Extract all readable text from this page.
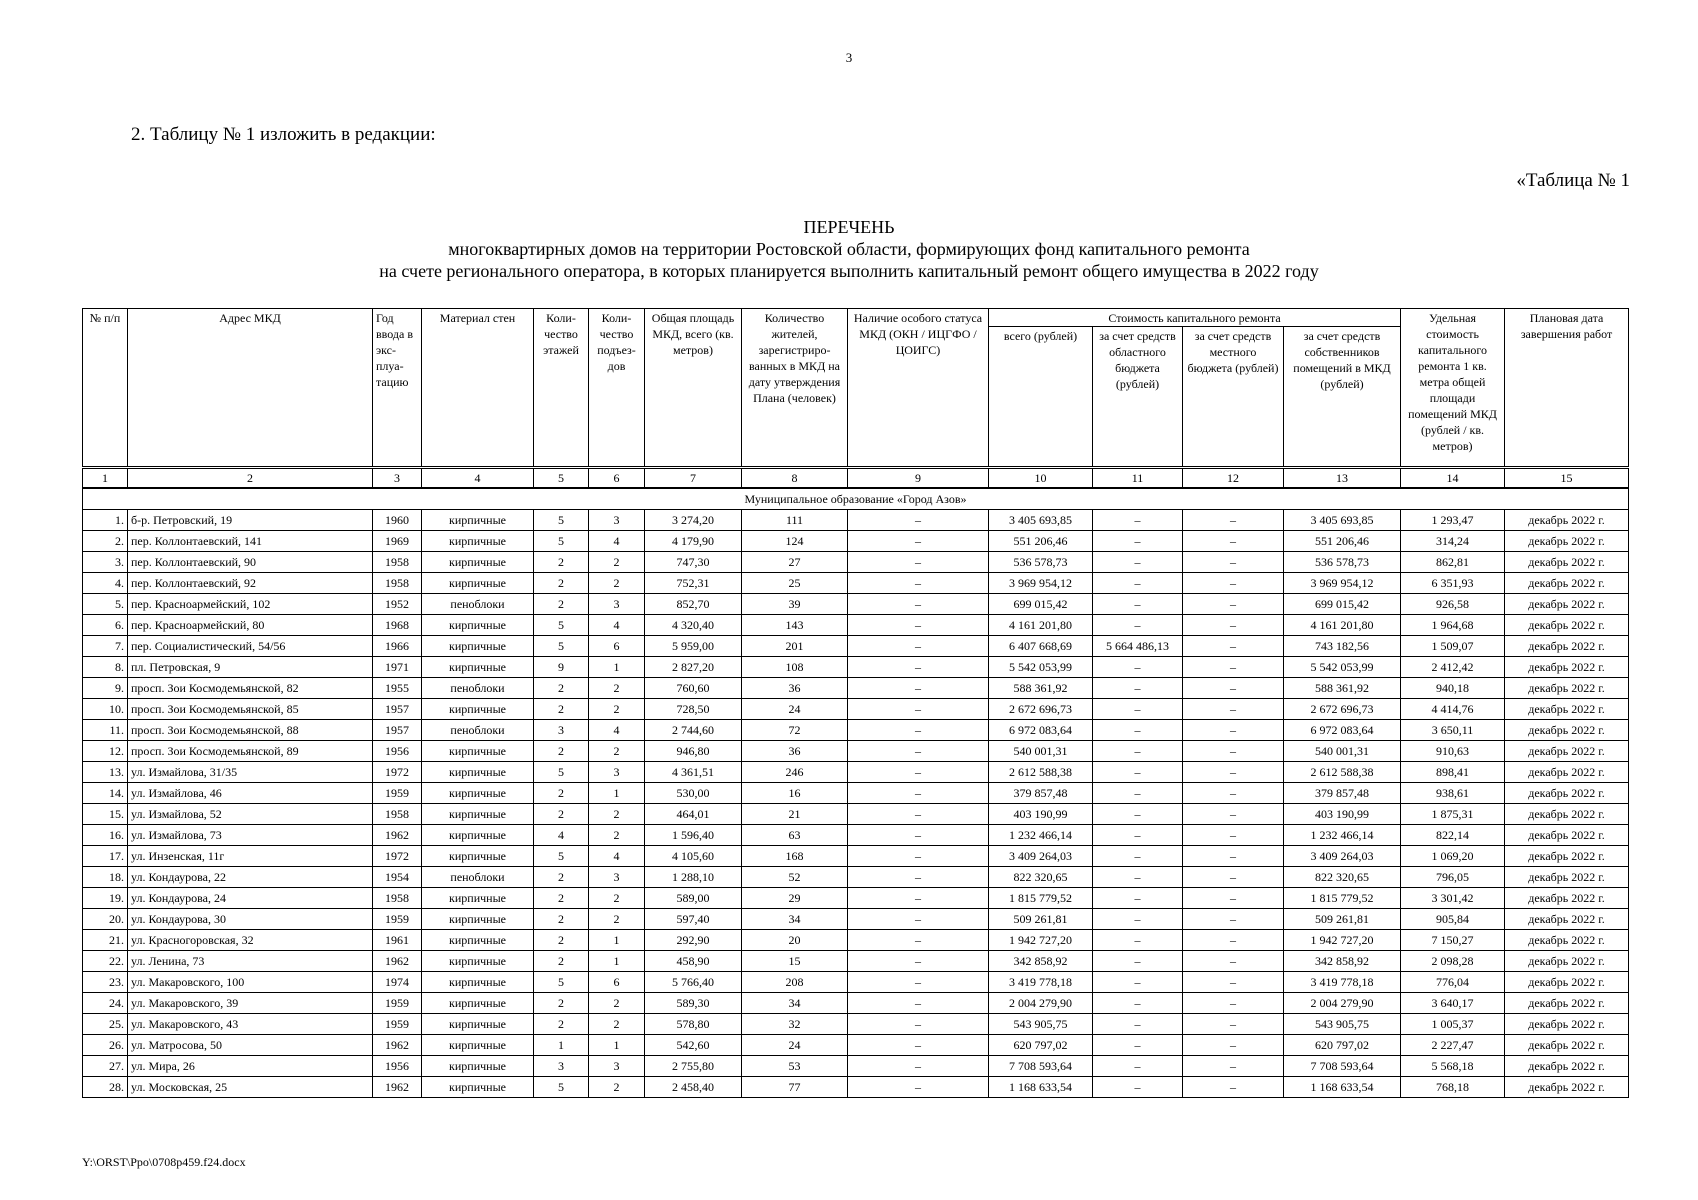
3
2. Таблицу № 1 изложить в редакции:
«Таблица № 1
ПЕРЕЧЕНЬ
многоквартирных домов на территории Ростовской области, формирующих фонд капитального ремонта
на счете регионального оператора, в которых планируется выполнить капитальный ремонт общего имущества в 2022 году
№ п/п	Адрес МКД	Год ввода в эксплуатацию	Материал стен	Количество этажей	Количество подъездов	Общая площадь МКД, всего (кв. метров)	Количество жителей, зарегистрированных в МКД на дату утверждения Плана (человек)	Наличие особого статуса МКД (ОКН / ИЦГФО / ЦОИГС)	Стоимость капитального ремонта				Удельная стоимость капитального ремонта 1 кв. метра общей площади помещений МКД (рублей / кв. метров)	Плановая дата завершения работ
									всего (рублей)	за счет средств областного бюджета (рублей)	за счет средств местного бюджета (рублей)	за счет средств собственников помещений в МКД (рублей)		
1	2	3	4	5	6	7	8	9	10	11	12	13	14	15
Муниципальное образование «Город Азов»														
1.	б-р. Петровский, 19	1960	кирпичные	5	3	3 274,20	111	–	3 405 693,85	–	–	3 405 693,85	1 293,47	декабрь 2022 г.
2.	пер. Коллонтаевский, 141	1969	кирпичные	5	4	4 179,90	124	–	551 206,46	–	–	551 206,46	314,24	декабрь 2022 г.
3.	пер. Коллонтаевский, 90	1958	кирпичные	2	2	747,30	27	–	536 578,73	–	–	536 578,73	862,81	декабрь 2022 г.
4.	пер. Коллонтаевский, 92	1958	кирпичные	2	2	752,31	25	–	3 969 954,12	–	–	3 969 954,12	6 351,93	декабрь 2022 г.
5.	пер. Красноармейский, 102	1952	пеноблоки	2	3	852,70	39	–	699 015,42	–	–	699 015,42	926,58	декабрь 2022 г.
6.	пер. Красноармейский, 80	1968	кирпичные	5	4	4 320,40	143	–	4 161 201,80	–	–	4 161 201,80	1 964,68	декабрь 2022 г.
7.	пер. Социалистический, 54/56	1966	кирпичные	5	6	5 959,00	201	–	6 407 668,69	5 664 486,13	–	743 182,56	1 509,07	декабрь 2022 г.
8.	пл. Петровская, 9	1971	кирпичные	9	1	2 827,20	108	–	5 542 053,99	–	–	5 542 053,99	2 412,42	декабрь 2022 г.
9.	просп. Зои Космодемьянской, 82	1955	пеноблоки	2	2	760,60	36	–	588 361,92	–	–	588 361,92	940,18	декабрь 2022 г.
10.	просп. Зои Космодемьянской, 85	1957	кирпичные	2	2	728,50	24	–	2 672 696,73	–	–	2 672 696,73	4 414,76	декабрь 2022 г.
11.	просп. Зои Космодемьянской, 88	1957	пеноблоки	3	4	2 744,60	72	–	6 972 083,64	–	–	6 972 083,64	3 650,11	декабрь 2022 г.
12.	просп. Зои Космодемьянской, 89	1956	кирпичные	2	2	946,80	36	–	540 001,31	–	–	540 001,31	910,63	декабрь 2022 г.
13.	ул. Измайлова, 31/35	1972	кирпичные	5	3	4 361,51	246	–	2 612 588,38	–	–	2 612 588,38	898,41	декабрь 2022 г.
14.	ул. Измайлова, 46	1959	кирпичные	2	1	530,00	16	–	379 857,48	–	–	379 857,48	938,61	декабрь 2022 г.
15.	ул. Измайлова, 52	1958	кирпичные	2	2	464,01	21	–	403 190,99	–	–	403 190,99	1 875,31	декабрь 2022 г.
16.	ул. Измайлова, 73	1962	кирпичные	4	2	1 596,40	63	–	1 232 466,14	–	–	1 232 466,14	822,14	декабрь 2022 г.
17.	ул. Инзенская, 11г	1972	кирпичные	5	4	4 105,60	168	–	3 409 264,03	–	–	3 409 264,03	1 069,20	декабрь 2022 г.
18.	ул. Кондаурова, 22	1954	пеноблоки	2	3	1 288,10	52	–	822 320,65	–	–	822 320,65	796,05	декабрь 2022 г.
19.	ул. Кондаурова, 24	1958	кирпичные	2	2	589,00	29	–	1 815 779,52	–	–	1 815 779,52	3 301,42	декабрь 2022 г.
20.	ул. Кондаурова, 30	1959	кирпичные	2	2	597,40	34	–	509 261,81	–	–	509 261,81	905,84	декабрь 2022 г.
21.	ул. Красногоровская, 32	1961	кирпичные	2	1	292,90	20	–	1 942 727,20	–	–	1 942 727,20	7 150,27	декабрь 2022 г.
22.	ул. Ленина, 73	1962	кирпичные	2	1	458,90	15	–	342 858,92	–	–	342 858,92	2 098,28	декабрь 2022 г.
23.	ул. Макаровского, 100	1974	кирпичные	5	6	5 766,40	208	–	3 419 778,18	–	–	3 419 778,18	776,04	декабрь 2022 г.
24.	ул. Макаровского, 39	1959	кирпичные	2	2	589,30	34	–	2 004 279,90	–	–	2 004 279,90	3 640,17	декабрь 2022 г.
25.	ул. Макаровского, 43	1959	кирпичные	2	2	578,80	32	–	543 905,75	–	–	543 905,75	1 005,37	декабрь 2022 г.
26.	ул. Матросова, 50	1962	кирпичные	1	1	542,60	24	–	620 797,02	–	–	620 797,02	2 227,47	декабрь 2022 г.
27.	ул. Мира, 26	1956	кирпичные	3	3	2 755,80	53	–	7 708 593,64	–	–	7 708 593,64	5 568,18	декабрь 2022 г.
28.	ул. Московская, 25	1962	кирпичные	5	2	2 458,40	77	–	1 168 633,54	–	–	1 168 633,54	768,18	декабрь 2022 г.
Y:\ORST\Ppo\0708p459.f24.docx
